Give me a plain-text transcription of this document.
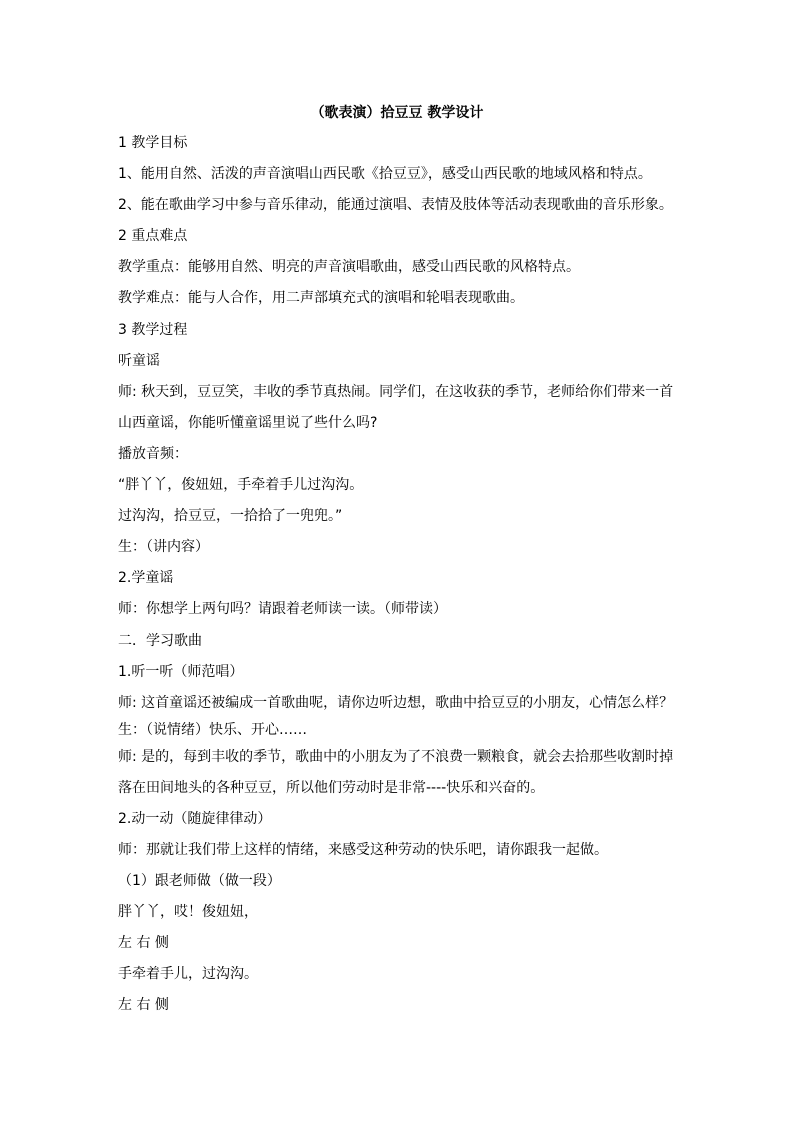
（歌表演）拾豆豆 教学设计
1 教学目标
1、能用自然、活泼的声音演唱山西民歌《拾豆豆》，感受山西民歌的地域风格和特点。
2、能在歌曲学习中参与音乐律动，能通过演唱、表情及肢体等活动表现歌曲的音乐形象。
2 重点难点
教学重点：能够用自然、明亮的声音演唱歌曲，感受山西民歌的风格特点。
教学难点：能与人合作，用二声部填充式的演唱和轮唱表现歌曲。
3 教学过程
听童谣
师: 秋天到，豆豆笑，丰收的季节真热闹。同学们，在这收获的季节，老师给你们带来一首
山西童谣，你能听懂童谣里说了些什么吗?
播放音频：
“胖丫丫，俊妞妞，手牵着手儿过沟沟。
过沟沟，拾豆豆，一拾拾了一兜兜。”
生：（讲内容）
2.学童谣
师：你想学上两句吗？请跟着老师读一读。（师带读）
二．学习歌曲
1.听一听（师范唱）
师: 这首童谣还被编成一首歌曲呢，请你边听边想，歌曲中拾豆豆的小朋友，心情怎么样？
生：（说情绪）快乐、开心……
师: 是的，每到丰收的季节，歌曲中的小朋友为了不浪费一颗粮食，就会去拾那些收割时掉
落在田间地头的各种豆豆，所以他们劳动时是非常----快乐和兴奋的。
2.动一动（随旋律律动）
师：那就让我们带上这样的情绪，来感受这种劳动的快乐吧，请你跟我一起做。
（1）跟老师做（做一段）
胖丫丫，哎！俊妞妞，
左 右 侧
手牵着手儿，过沟沟。
左 右 侧
